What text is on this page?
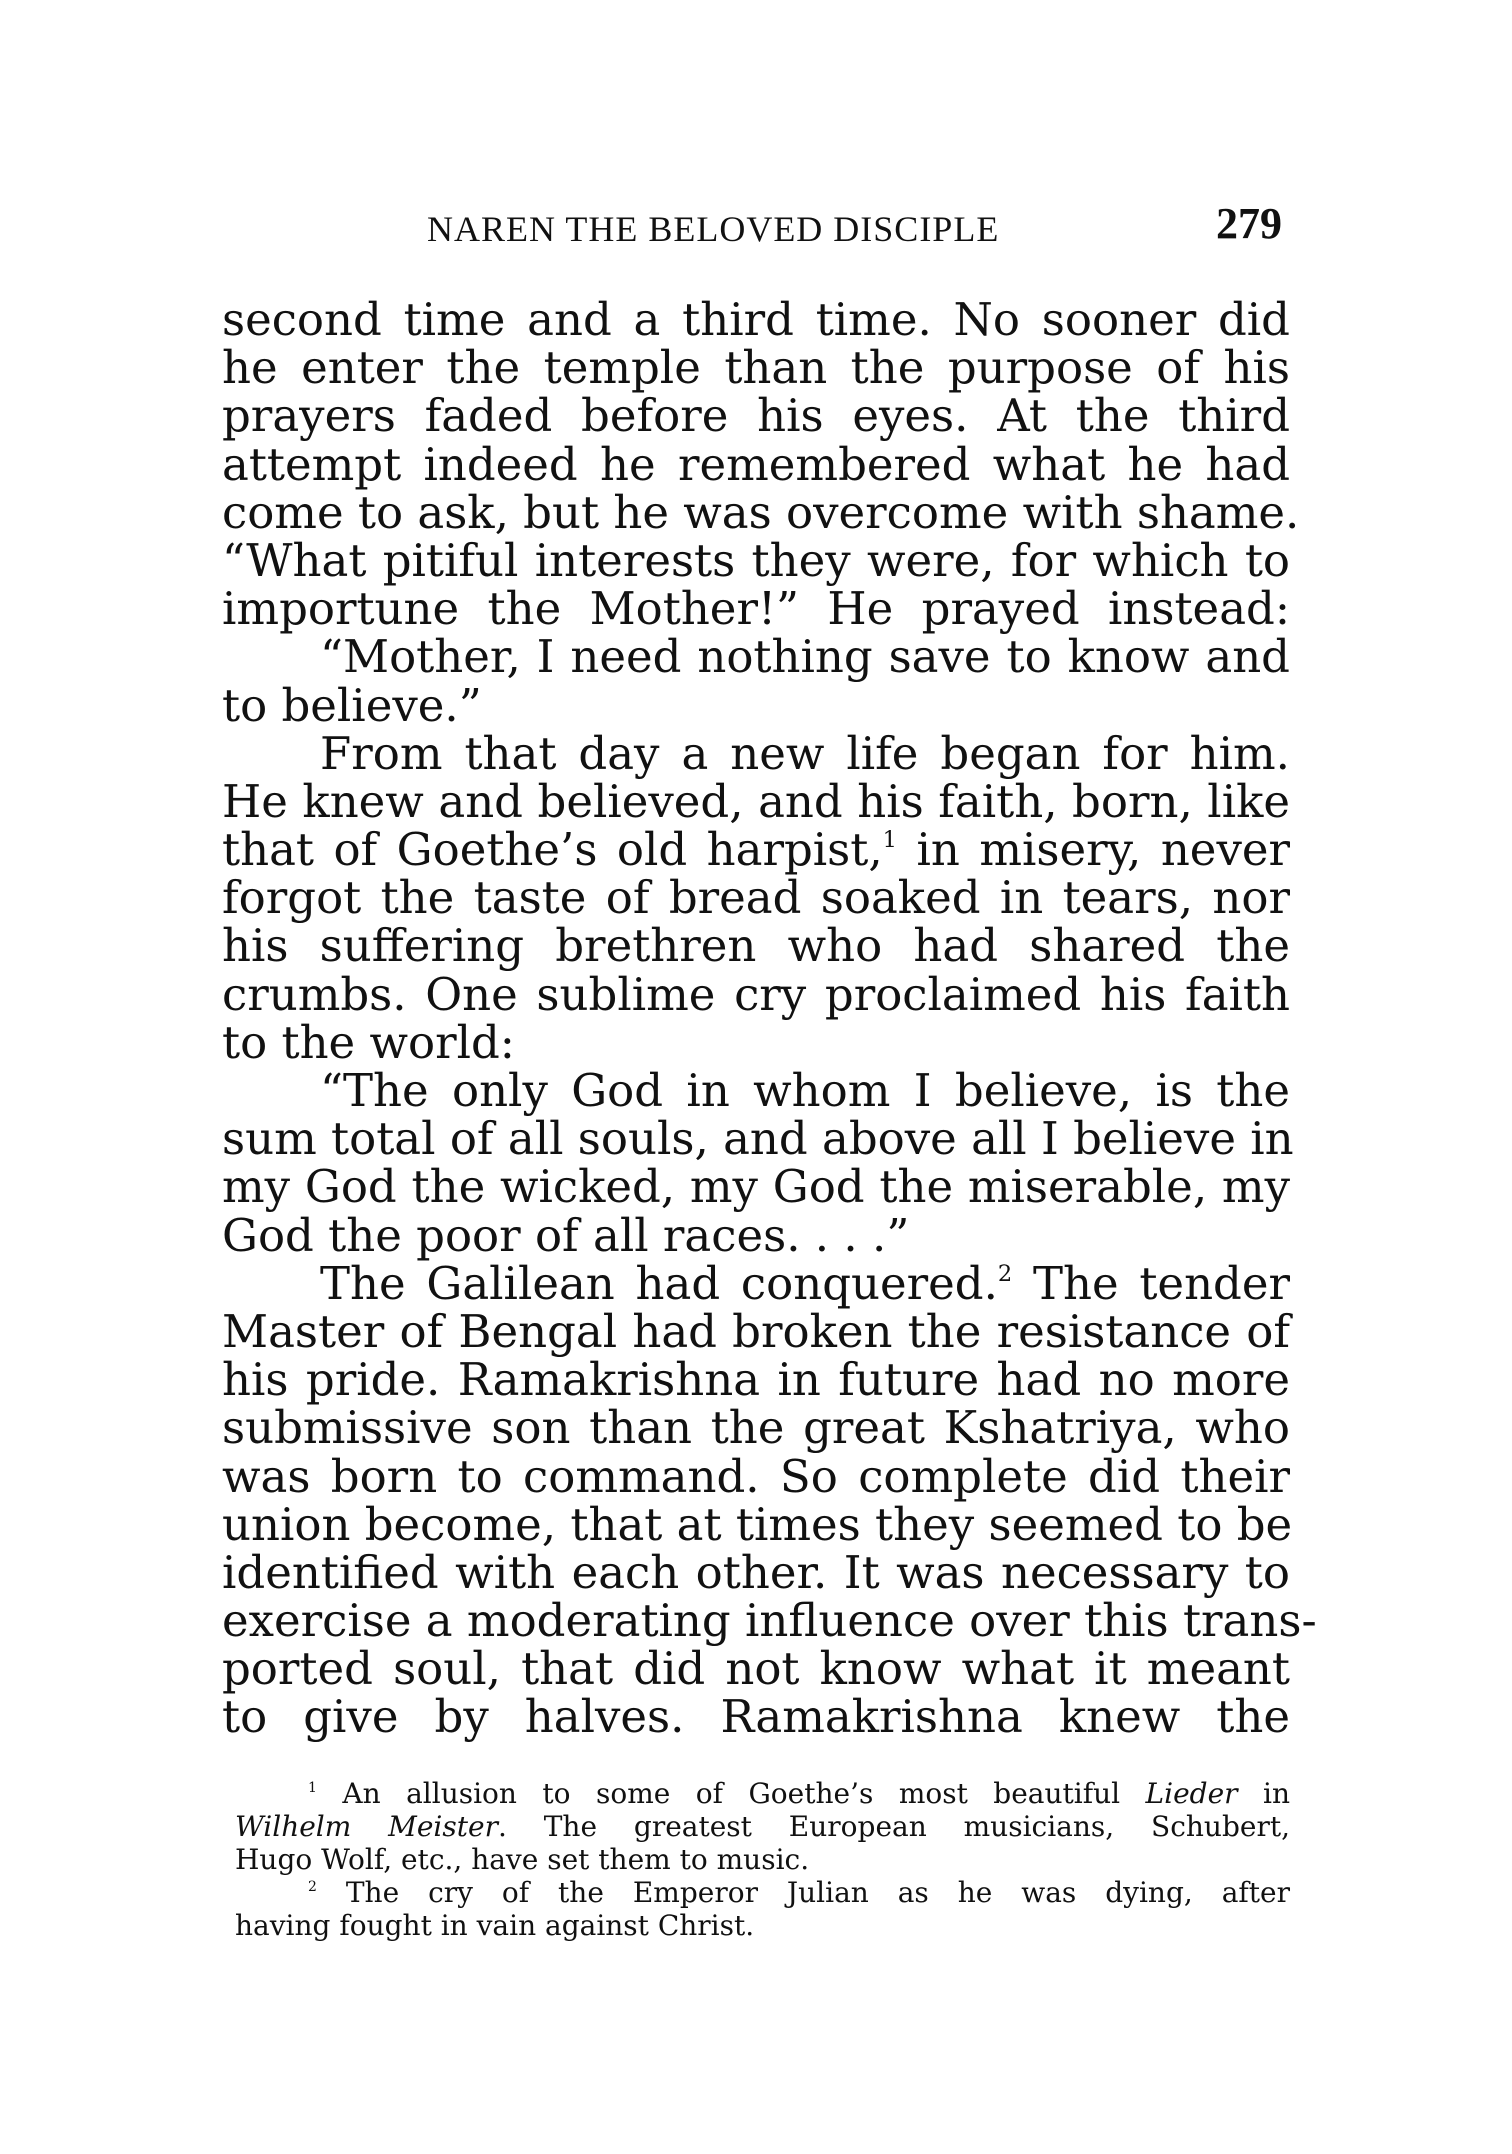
NAREN THE BELOVED DISCIPLE	279
second time and a third time. No sooner did
he enter the temple than the purpose of his
prayers faded before his eyes. At the third
attempt indeed he remembered what he had
come to ask, but he was overcome with shame.
“What pitiful interests they were, for which to
importune the Mother!” He prayed instead:
“Mother, I need nothing save to know and
to believe.”
From that day a new life began for him.
He knew and believed, and his faith, born, like
that of Goethe’s old harpist,$^1$ in misery, never
forgot the taste of bread soaked in tears, nor
his suffering brethren who had shared the
crumbs. One sublime cry proclaimed his faith
to the world:
“The only God in whom I believe, is the
sum total of all souls, and above all I believe in
my God the wicked, my God the miserable, my
God the poor of all races. . . .”
The Galilean had conquered.$^2$ The tender
Master of Bengal had broken the resistance of
his pride. Ramakrishna in future had no more
submissive son than the great Kshatriya, who
was born to command. So complete did their
union become, that at times they seemed to be
identified with each other. It was necessary to
exercise a moderating influence over this trans-
ported soul, that did not know what it meant
to give by halves. Ramakrishna knew the
$^1$ An allusion to some of Goethe’s most beautiful Lieder in
Wilhelm Meister. The greatest European musicians, Schubert,
Hugo Wolf, etc., have set them to music.
$^2$ The cry of the Emperor Julian as he was dying, after
having fought in vain against Christ.
